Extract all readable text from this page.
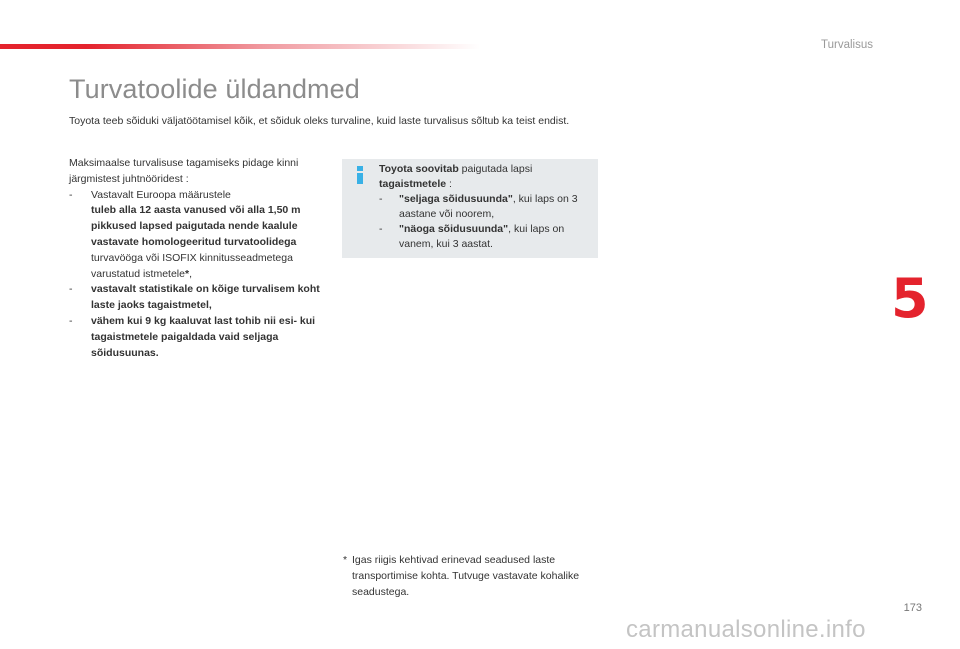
Turvalisus
Turvatoolide üldandmed

Toyota teeb sõiduki väljatöötamisel kõik, et sõiduk oleks turvaline, kuid laste turvalisus sõltub ka teist endist.

Maksimaalse turvalisuse tagamiseks pidage kinni järgmistest juhtnööridest :

-	Vastavalt Euroopa määrustele
tuleb alla 12 aasta vanused või alla 1,50 m pikkused lapsed paigutada nende kaalule vastavate homologeeritud turvatoolidega
turvavööga või ISOFIX kinnitusseadmetega varustatud istmetele*,
-	vastavalt statistikale on kõige turvalisem koht laste jaoks tagaistmetel,
-	vähem kui 9 kg kaaluvat last tohib nii esi- kui tagaistmetele paigaldada vaid seljaga sõidusuunas.

Toyota soovitab paigutada lapsi
tagaistmetele :

-	"seljaga sõidusuunda", kui laps on 3 aastane või noorem,
-	"näoga sõidusuunda", kui laps on vanem, kui 3 aastat.
5
* Igas riigis kehtivad erinevad seadused laste transportimise kohta. Tutvuge vastavate kohalike seadustega.
173
carmanualsonline.info
